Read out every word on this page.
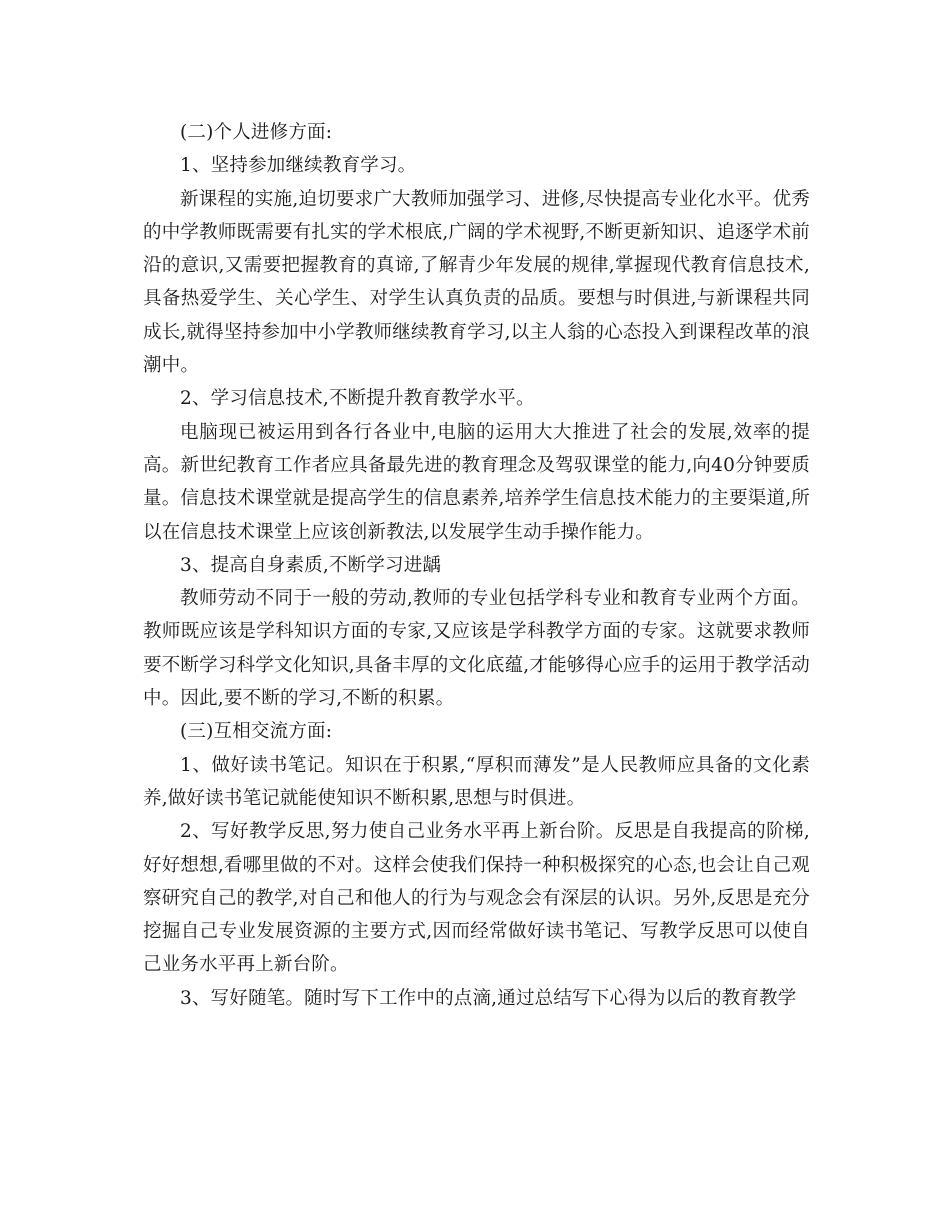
(二)个人进修方面:

1、坚持参加继续教育学习。

新课程的实施,迫切要求广大教师加强学习、进修,尽快提高专业化水平。优秀的中学教师既需要有扎实的学术根底,广阔的学术视野,不断更新知识、追逐学术前沿的意识,又需要把握教育的真谛,了解青少年发展的规律,掌握现代教育信息技术,具备热爱学生、关心学生、对学生认真负责的品质。要想与时俱进,与新课程共同成长,就得坚持参加中小学教师继续教育学习,以主人翁的心态投入到课程改革的浪潮中。

2、学习信息技术,不断提升教育教学水平。

电脑现已被运用到各行各业中,电脑的运用大大推进了社会的发展,效率的提高。新世纪教育工作者应具备最先进的教育理念及驾驭课堂的能力,向40分钟要质量。信息技术课堂就是提高学生的信息素养,培养学生信息技术能力的主要渠道,所以在信息技术课堂上应该创新教法,以发展学生动手操作能力。

3、提高自身素质,不断学习进龋

教师劳动不同于一般的劳动,教师的专业包括学科专业和教育专业两个方面。教师既应该是学科知识方面的专家,又应该是学科教学方面的专家。这就要求教师要不断学习科学文化知识,具备丰厚的文化底蕴,才能够得心应手的运用于教学活动中。因此,要不断的学习,不断的积累。

(三)互相交流方面:

1、做好读书笔记。知识在于积累,“厚积而薄发”是人民教师应具备的文化素养,做好读书笔记就能使知识不断积累,思想与时俱进。

2、写好教学反思,努力使自己业务水平再上新台阶。反思是自我提高的阶梯,好好想想,看哪里做的不对。这样会使我们保持一种积极探究的心态,也会让自己观察研究自己的教学,对自己和他人的行为与观念会有深层的认识。另外,反思是充分挖掘自己专业发展资源的主要方式,因而经常做好读书笔记、写教学反思可以使自己业务水平再上新台阶。

3、写好随笔。随时写下工作中的点滴,通过总结写下心得为以后的教育教学
